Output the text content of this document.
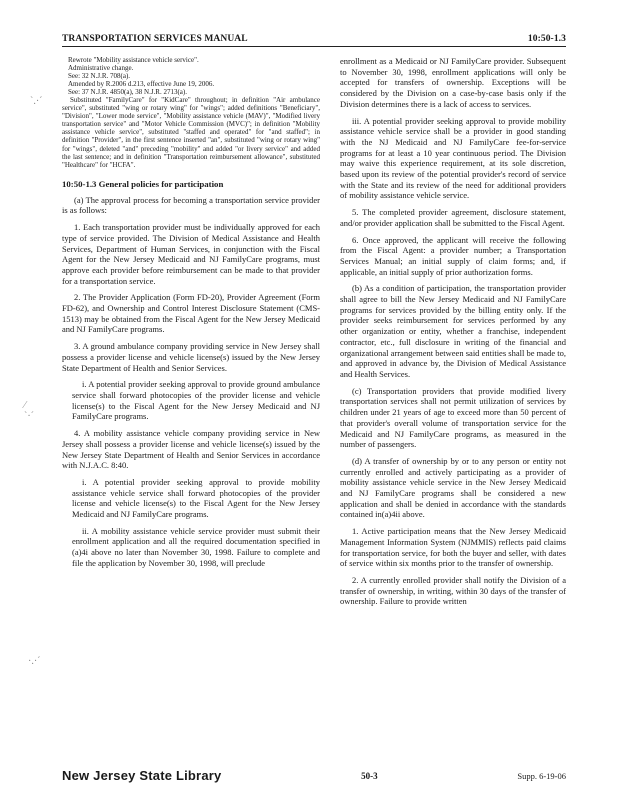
TRANSPORTATION SERVICES MANUAL	10:50-1.3

Rewrote "Mobility assistance vehicle service".

Administrative change.

See: 32 N.J.R. 708(a).

Amended by R.2006 d.213, effective June 19, 2006.

See: 37 N.J.R. 4850(a), 38 N.J.R. 2713(a).

Substituted "FamilyCare" for "KidCare" throughout; in definition "Air ambulance service", substituted "wing or rotary wing" for "wings"; added definitions "Beneficiary", "Division", "Lower mode service", "Mobility assistance vehicle (MAV)", "Modified livery transportation service" and "Motor Vehicle Commission (MVC)"; in definition "Mobility assistance vehicle service", substituted "staffed and operated" for "and staffed"; in definition "Provider", in the first sentence inserted "an", substituted "wing or rotary wing" for "wings", deleted "and" preceding "mobility" and added "or livery service" and added the last sentence; and in definition "Transportation reimbursement allowance", substituted "Healthcare" for "HCFA".

10:50-1.3 General policies for participation

(a) The approval process for becoming a transportation service provider is as follows:

1. Each transportation provider must be individually approved for each type of service provided. The Division of Medical Assistance and Health Services, Department of Human Services, in conjunction with the Fiscal Agent for the New Jersey Medicaid and NJ FamilyCare programs, must approve each provider before reimbursement can be made to that provider for a transportation service.

2. The Provider Application (Form FD-20), Provider Agreement (Form FD-62), and Ownership and Control Interest Disclosure Statement (CMS-1513) may be obtained from the Fiscal Agent for the New Jersey Medicaid and NJ FamilyCare programs.

3. A ground ambulance company providing service in New Jersey shall possess a provider license and vehicle license(s) issued by the New Jersey State Department of Health and Senior Services.

i. A potential provider seeking approval to provide ground ambulance service shall forward photocopies of the provider license and vehicle license(s) to the Fiscal Agent for the New Jersey Medicaid and NJ FamilyCare programs.

4. A mobility assistance vehicle company providing service in New Jersey shall possess a provider license and vehicle license(s) issued by the New Jersey State Department of Health and Senior Services in accordance with N.J.A.C. 8:40.

i. A potential provider seeking approval to provide mobility assistance vehicle service shall forward photocopies of the provider license and vehicle license(s) to the Fiscal Agent for the New Jersey Medicaid and NJ FamilyCare programs.

ii. A mobility assistance vehicle service provider must submit their enrollment application and all the required documentation specified in (a)4i above no later than November 30, 1998. Failure to complete and file the application by November 30, 1998, will preclude

enrollment as a Medicaid or NJ FamilyCare provider. Subsequent to November 30, 1998, enrollment applications will only be accepted for transfers of ownership. Exceptions will be considered by the Division on a case-by-case basis only if the Division determines there is a lack of access to services.

iii. A potential provider seeking approval to provide mobility assistance vehicle service shall be a provider in good standing with the NJ Medicaid and NJ FamilyCare fee-for-service programs for at least a 10 year continuous period. The Division may waive this experience requirement, at its sole discretion, based upon its review of the potential provider's record of service with the State and its review of the need for additional providers of mobility assistance vehicle service.

5. The completed provider agreement, disclosure statement, and/or provider application shall be submitted to the Fiscal Agent.

6. Once approved, the applicant will receive the following from the Fiscal Agent: a provider number; a Transportation Services Manual; an initial supply of claim forms; and, if applicable, an initial supply of prior authorization forms.

(b) As a condition of participation, the transportation provider shall agree to bill the New Jersey Medicaid and NJ FamilyCare programs for services provided by the billing entity only. If the provider seeks reimbursement for services performed by any other organization or entity, whether a franchise, independent contractor, etc., full disclosure in writing of the financial and organizational arrangement between said entities shall be made to, and approved in advance by, the Division of Medical Assistance and Health Services.

(c) Transportation providers that provide modified livery transportation services shall not permit utilization of services by children under 21 years of age to exceed more than 50 percent of that provider's overall volume of transportation service for the Medicaid and NJ FamilyCare programs, as measured in the number of passengers.

(d) A transfer of ownership by or to any person or entity not currently enrolled and actively participating as a provider of mobility assistance vehicle service in the New Jersey Medicaid and NJ FamilyCare programs shall be considered a new application and shall be denied in accordance with the standards contained in(a)4ii above.

1. Active participation means that the New Jersey Medicaid Management Information System (NJMMIS) reflects paid claims for transportation service, for both the buyer and seller, with dates of service within six months prior to the transfer of ownership.

2. A currently enrolled provider shall notify the Division of a transfer of ownership, in writing, within 30 days of the transfer of ownership. Failure to provide written

`.·´
⁄
`·´
·.·´
New Jersey State Library	50-3	Supp. 6-19-06
